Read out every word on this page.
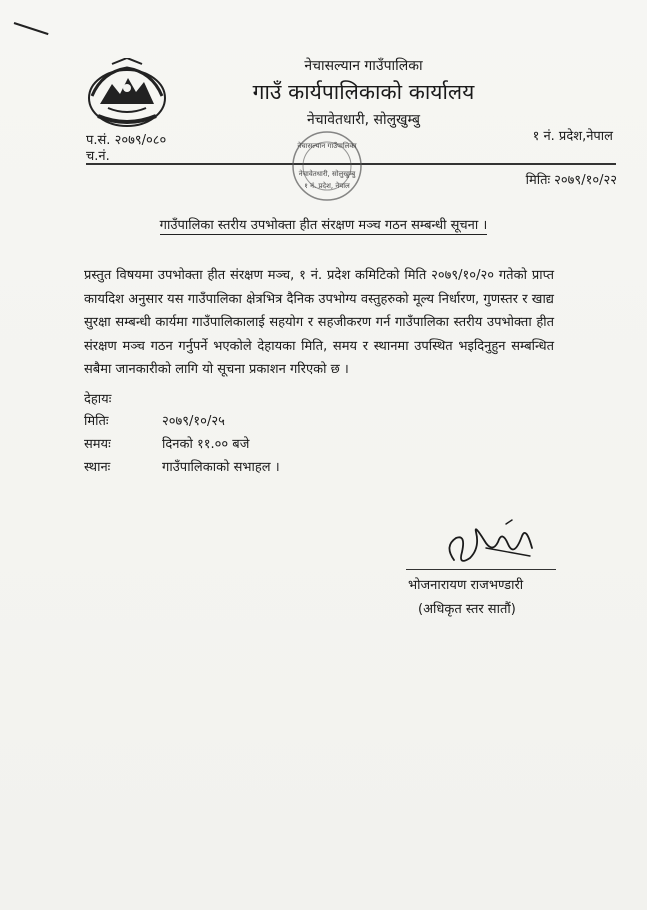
नेचासल्यान गाउँपालिका
गाउँ कार्यपालिकाको कार्यालय
नेचावेतधारी, सोलुखुम्बु
प.सं. २०७९/०८०
च.नं.
१ नं. प्रदेश,नेपाल
नेचासल्यान गाउँपालिका
नेचावेतधारी, सोलुखुम्बु
१ नं. प्रदेश, नेपाल	मितिः २०७९/१०/२२
गाउँपालिका स्तरीय उपभोक्ता हीत संरक्षण मञ्च गठन सम्बन्धी सूचना ।
प्रस्तुत विषयमा उपभोक्ता हीत संरक्षण मञ्च, १ नं. प्रदेश कमिटिको मिति २०७९/१०/२० गतेको प्राप्त कायदिश अनुसार यस गाउँपालिका क्षेत्रभित्र दैनिक उपभोग्य वस्तुहरुको मूल्य निर्धारण, गुणस्तर र खाद्य सुरक्षा सम्बन्धी कार्यमा गाउँपालिकालाई सहयोग र सहजीकरण गर्न गाउँपालिका स्तरीय उपभोक्ता हीत संरक्षण मञ्च गठन गर्नुपर्ने भएकोले देहायका मिति, समय र स्थानमा उपस्थित भइदिनुहुन सम्बन्धित सबैमा जानकारीको लागि यो सूचना प्रकाशन गरिएको छ ।
देहायः
मितिः	२०७९/१०/२५
समयः	दिनको ११.०० बजे
स्थानः	गाउँपालिकाको सभाहल ।
भोजनारायण राजभण्डारी
(अधिकृत स्तर सातौं)
